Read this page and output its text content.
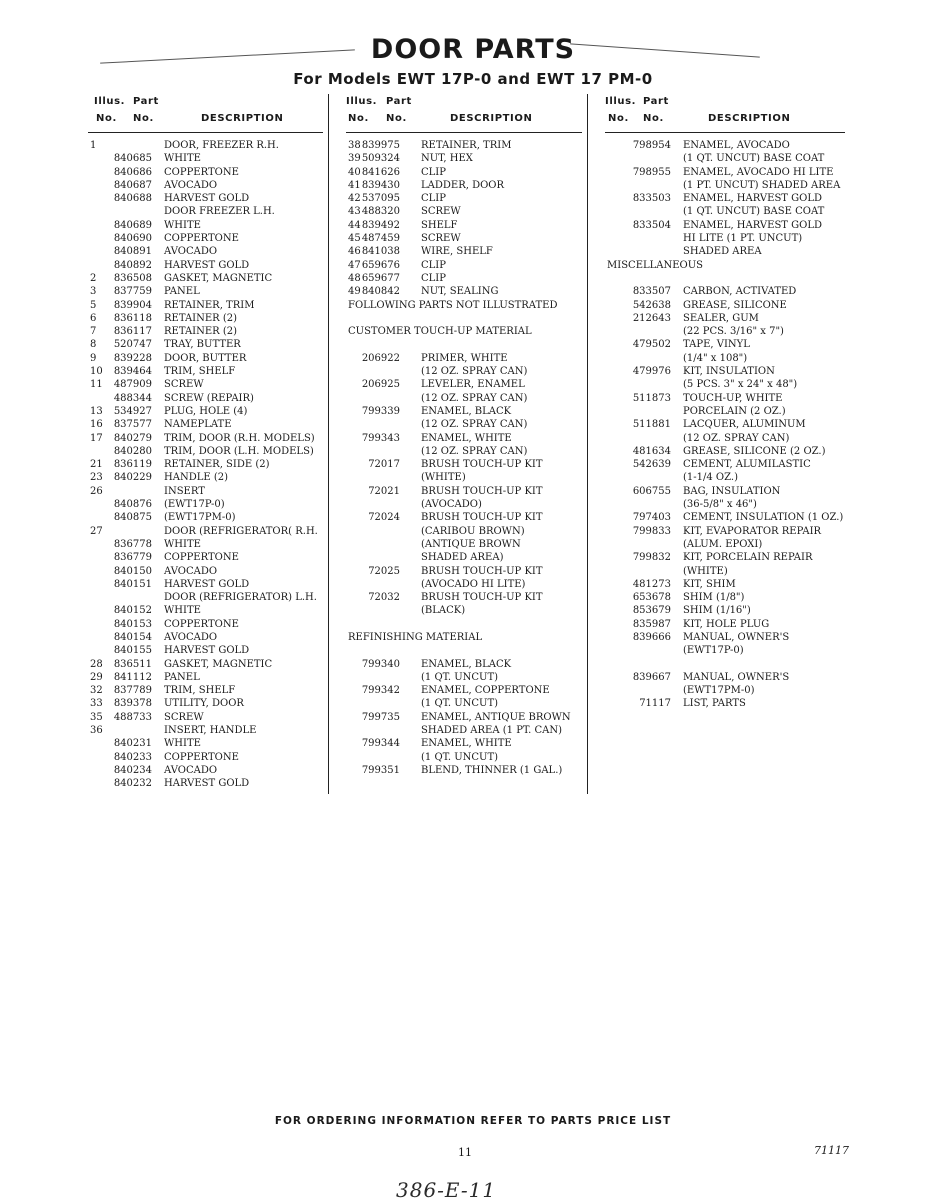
DOOR PARTS
For Models EWT 17P-0 and EWT 17 PM-0
Illus. Part
No. No.	DESCRIPTION
1	DOOR, FREEZER R.H.
840685 WHITE
840686 COPPERTONE
840687 AVOCADO
840688 HARVEST GOLD
DOOR FREEZER L.H.
840689 WHITE
840690 COPPERTONE
840891 AVOCADO
840892 HARVEST GOLD
2	836508 GASKET, MAGNETIC
3	837759 PANEL
5	839904 RETAINER, TRIM
6	836118 RETAINER (2)
7	836117 RETAINER (2)
8	520747 TRAY, BUTTER
9	839228 DOOR, BUTTER
10	839464 TRIM, SHELF
11	487909 SCREW
488344 SCREW (REPAIR)
13	534927 PLUG, HOLE (4)
16	837577 NAMEPLATE
17	840279 TRIM, DOOR (R.H. MODELS)
840280 TRIM, DOOR (L.H. MODELS)
21	836119 RETAINER, SIDE (2)
23	840229 HANDLE (2)
26	INSERT
840876 (EWT17P-0)
840875 (EWT17PM-0)
27	DOOR (REFRIGERATOR( R.H.
836778 WHITE
836779 COPPERTONE
840150 AVOCADO
840151 HARVEST GOLD
DOOR (REFRIGERATOR) L.H.
840152 WHITE
840153 COPPERTONE
840154 AVOCADO
840155 HARVEST GOLD
28	836511 GASKET, MAGNETIC
29	841112 PANEL
32	837789 TRIM, SHELF
33	839378 UTILITY, DOOR
35	488733 SCREW
36	INSERT, HANDLE
840231 WHITE
840233 COPPERTONE
840234 AVOCADO
840232 HARVEST GOLD
Illus. Part
No. No.	DESCRIPTION
38 839975 RETAINER, TRIM
39 509324 NUT, HEX
40 841626 CLIP
41 839430 LADDER, DOOR
42 537095 CLIP
43 488320 SCREW
44 839492 SHELF
45 487459 SCREW
46 841038 WIRE, SHELF
47 659676 CLIP
48 659677 CLIP
49 840842 NUT, SEALING
FOLLOWING PARTS NOT ILLUSTRATED
CUSTOMER TOUCH-UP MATERIAL
206922 PRIMER, WHITE
(12 OZ. SPRAY CAN)
206925 LEVELER, ENAMEL
(12 OZ. SPRAY CAN)
799339 ENAMEL, BLACK
(12 OZ. SPRAY CAN)
799343 ENAMEL, WHITE
(12 OZ. SPRAY CAN)
72017 BRUSH TOUCH-UP KIT
(WHITE)
72021 BRUSH TOUCH-UP KIT
(AVOCADO)
72024 BRUSH TOUCH-UP KIT
(CARIBOU BROWN)
(ANTIQUE BROWN
SHADED AREA)
72025 BRUSH TOUCH-UP KIT
(AVOCADO HI LITE)
72032 BRUSH TOUCH-UP KIT
(BLACK)
REFINISHING MATERIAL
799340 ENAMEL, BLACK
(1 QT. UNCUT)
799342 ENAMEL, COPPERTONE
(1 QT. UNCUT)
799735 ENAMEL, ANTIQUE BROWN
SHADED AREA (1 PT. CAN)
799344 ENAMEL, WHITE
(1 QT. UNCUT)
799351 BLEND, THINNER (1 GAL.)
Illus. Part
No. No.	DESCRIPTION
798954 ENAMEL, AVOCADO
(1 QT. UNCUT) BASE COAT
798955 ENAMEL, AVOCADO HI LITE
(1 PT. UNCUT) SHADED AREA
833503 ENAMEL, HARVEST GOLD
(1 QT. UNCUT) BASE COAT
833504 ENAMEL, HARVEST GOLD
HI LITE (1 PT. UNCUT)
SHADED AREA
MISCELLANEOUS
833507 CARBON, ACTIVATED
542638 GREASE, SILICONE
212643 SEALER, GUM
(22 PCS. 3/16" x 7")
479502 TAPE, VINYL
(1/4" x 108")
479976 KIT, INSULATION
(5 PCS. 3" x 24" x 48")
511873 TOUCH-UP, WHITE
PORCELAIN (2 OZ.)
511881 LACQUER, ALUMINUM
(12 OZ. SPRAY CAN)
481634 GREASE, SILICONE (2 OZ.)
542639 CEMENT, ALUMILASTIC
(1-1/4 OZ.)
606755 BAG, INSULATION
(36-5/8" x 46")
797403 CEMENT, INSULATION (1 OZ.)
799833 KIT, EVAPORATOR REPAIR
(ALUM. EPOXI)
799832 KIT, PORCELAIN REPAIR
(WHITE)
481273 KIT, SHIM
653678 SHIM (1/8")
853679 SHIM (1/16")
835987 KIT, HOLE PLUG
839666 MANUAL, OWNER'S
(EWT17P-0)
839667 MANUAL, OWNER'S
(EWT17PM-0)
71117 LIST, PARTS
FOR ORDERING INFORMATION REFER TO PARTS PRICE LIST
11	71117
386-E-11
